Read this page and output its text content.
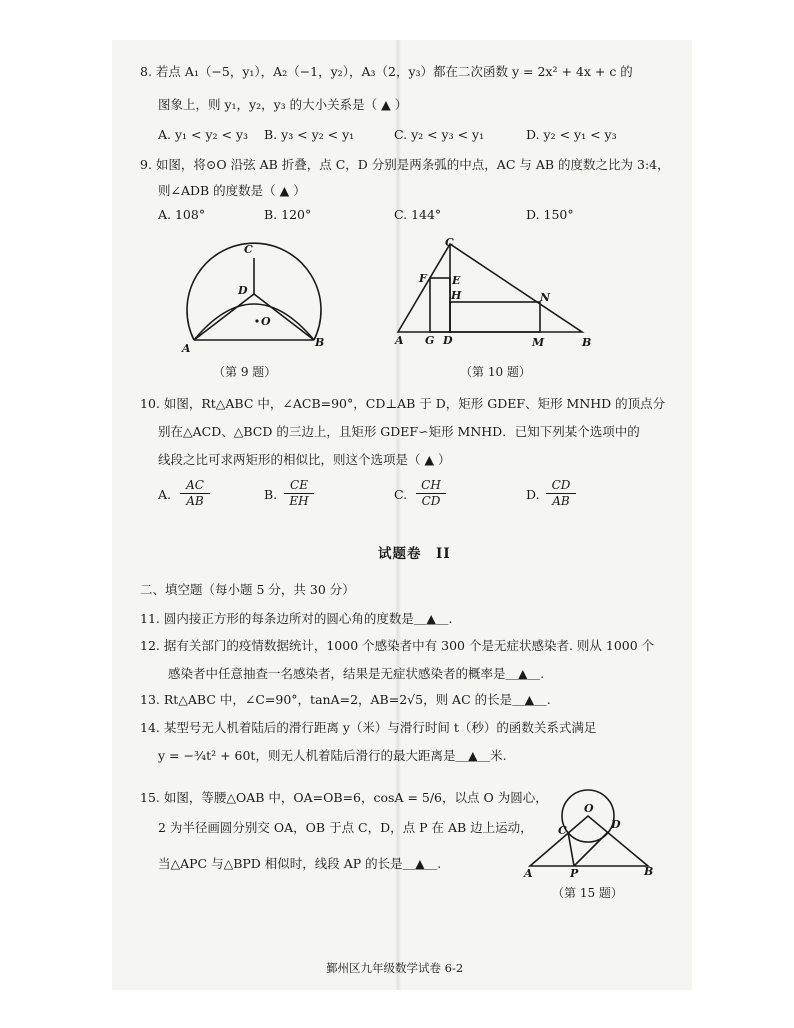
8. 若点 A₁（−5，y₁），A₂（−1，y₂），A₃（2，y₃）都在二次函数 y = 2x² + 4x + c 的
图象上，则 y₁，y₂，y₃ 的大小关系是（ ▲ ）
A. y₁ < y₂ < y₃ B. y₃ < y₂ < y₁	C. y₂ < y₃ < y₁	D. y₂ < y₁ < y₃
9. 如图，将⊙O 沿弦 AB 折叠，点 C，D 分别是两条弧的中点，AC 与 AB 的度数之比为 3:4，
则∠ADB 的度数是（ ▲ ）
A. 108°	B. 120°	C. 144°	D. 150°
C
D
O
A	B
（第 9 题）
C
F E
H	N
A G D	M	B
（第 10 题）
10. 如图，Rt△ABC 中，∠ACB=90°，CD⊥AB 于 D，矩形 GDEF、矩形 MNHD 的顶点分
别在△ACD、△BCD 的三边上，且矩形 GDEF∽矩形 MNHD．已知下列某个选项中的
线段之比可求两矩形的相似比，则这个选项是（ ▲ ）
A. $\frac{AC}{AB}$	B. $\frac{CE}{EH}$	C. $\frac{CH}{CD}$	D. $\frac{CD}{AB}$
试题卷　II
二、填空题（每小题 5 分，共 30 分）
11. 圆内接正方形的每条边所对的圆心角的度数是＿▲＿.
12. 据有关部门的疫情数据统计，1000 个感染者中有 300 个是无症状感染者. 则从 1000 个
感染者中任意抽查一名感染者，结果是无症状感染者的概率是＿▲＿.
13. Rt△ABC 中，∠C=90°，tanA=2，AB=2√5，则 AC 的长是＿▲＿.
14. 某型号无人机着陆后的滑行距离 y（米）与滑行时间 t（秒）的函数关系式满足
y = −¾t² + 60t，则无人机着陆后滑行的最大距离是＿▲＿米.
15. 如图，等腰△OAB 中，OA=OB=6，cosA = 5/6，以点 O 为圆心，
2 为半径画圆分别交 OA，OB 于点 C，D，点 P 在 AB 边上运动，
当△APC 与△BPD 相似时，线段 AP 的长是＿▲＿.
O
C	D
P
A	B
（第 15 题）
鄞州区九年级数学试卷 6-2
